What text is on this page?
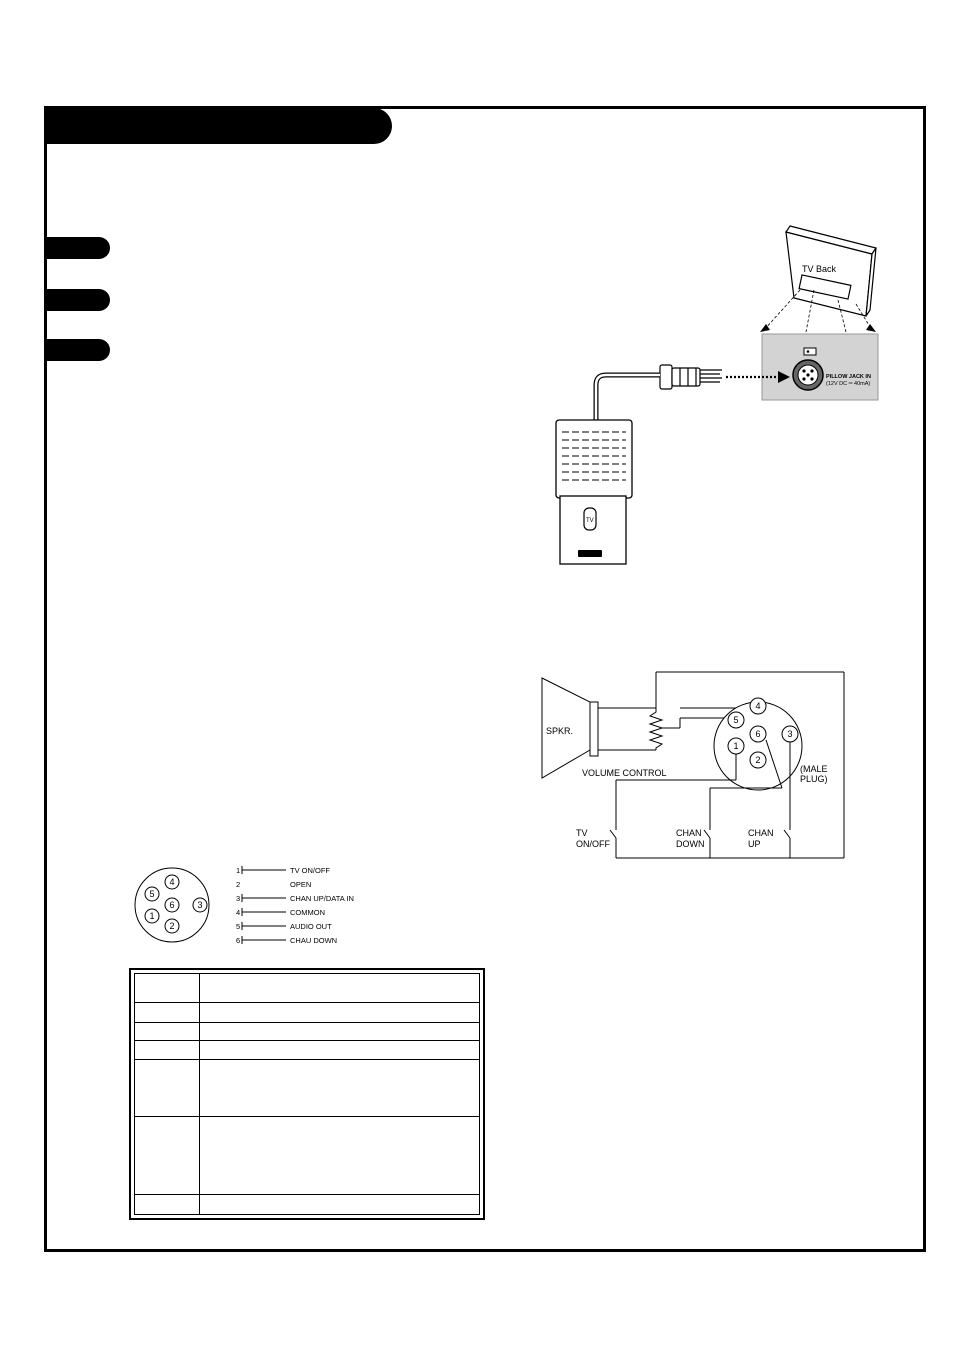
TV Back
PILLOW JACK IN
(12V DC ═ 40mA)
TV
1
2
3
4
5
6
SPKR.
VOLUME CONTROL	(MALE
PLUG)
TV
ON/OFF
CHAN
DOWN
CHAN
UP
1
2
3
4
5
6
1	TV ON/OFF
2	OPEN
3	CHAN UP/DATA IN
4	COMMON
5	AUDIO OUT
6	CHAU DOWN
